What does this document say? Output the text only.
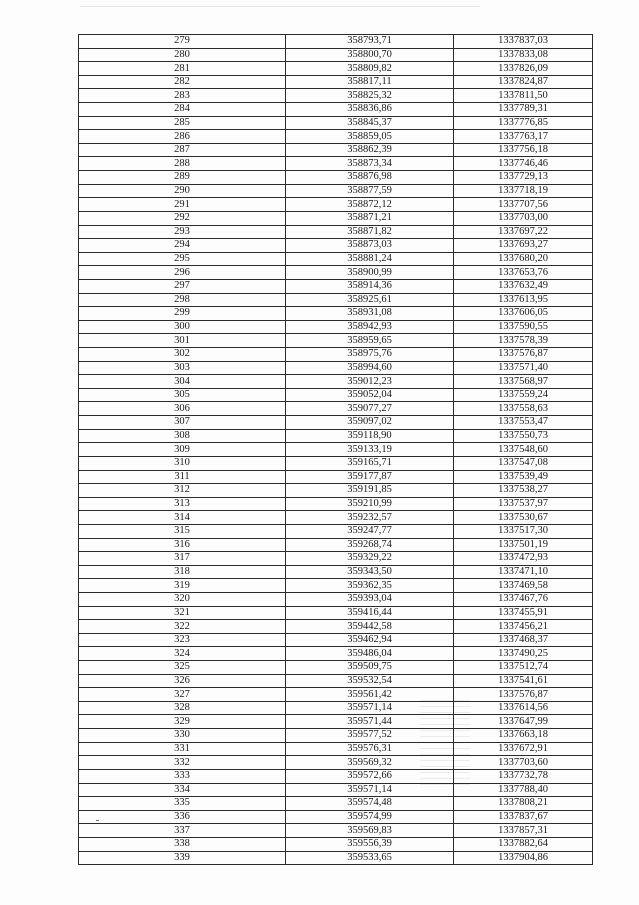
279	358793,71	1337837,03
280	358800,70	1337833,08
281	358809,82	1337826,09
282	358817,11	1337824,87
283	358825,32	1337811,50
284	358836,86	1337789,31
285	358845,37	1337776,85
286	358859,05	1337763,17
287	358862,39	1337756,18
288	358873,34	1337746,46
289	358876,98	1337729,13
290	358877,59	1337718,19
291	358872,12	1337707,56
292	358871,21	1337703,00
293	358871,82	1337697,22
294	358873,03	1337693,27
295	358881,24	1337680,20
296	358900,99	1337653,76
297	358914,36	1337632,49
298	358925,61	1337613,95
299	358931,08	1337606,05
300	358942,93	1337590,55
301	358959,65	1337578,39
302	358975,76	1337576,87
303	358994,60	1337571,40
304	359012,23	1337568,97
305	359052,04	1337559,24
306	359077,27	1337558,63
307	359097,02	1337553,47
308	359118,90	1337550,73
309	359133,19	1337548,60
310	359165,71	1337547,08
311	359177,87	1337539,49
312	359191,85	1337538,27
313	359210,99	1337537,97
314	359232,57	1337530,67
315	359247,77	1337517,30
316	359268,74	1337501,19
317	359329,22	1337472,93
318	359343,50	1337471,10
319	359362,35	1337469,58
320	359393,04	1337467,76
321	359416,44	1337455,91
322	359442,58	1337456,21
323	359462,94	1337468,37
324	359486,04	1337490,25
325	359509,75	1337512,74
326	359532,54	1337541,61
327	359561,42	1337576,87
328	359571,14	1337614,56
329	359571,44	1337647,99
330	359577,52	1337663,18
331	359576,31	1337672,91
332	359569,32	1337703,60
333	359572,66	1337732,78
334	359571,14	1337788,40
335	359574,48	1337808,21
336	359574,99	1337837,67
337	359569,83	1337857,31
338	359556,39	1337882,64
339	359533,65	1337904,86
